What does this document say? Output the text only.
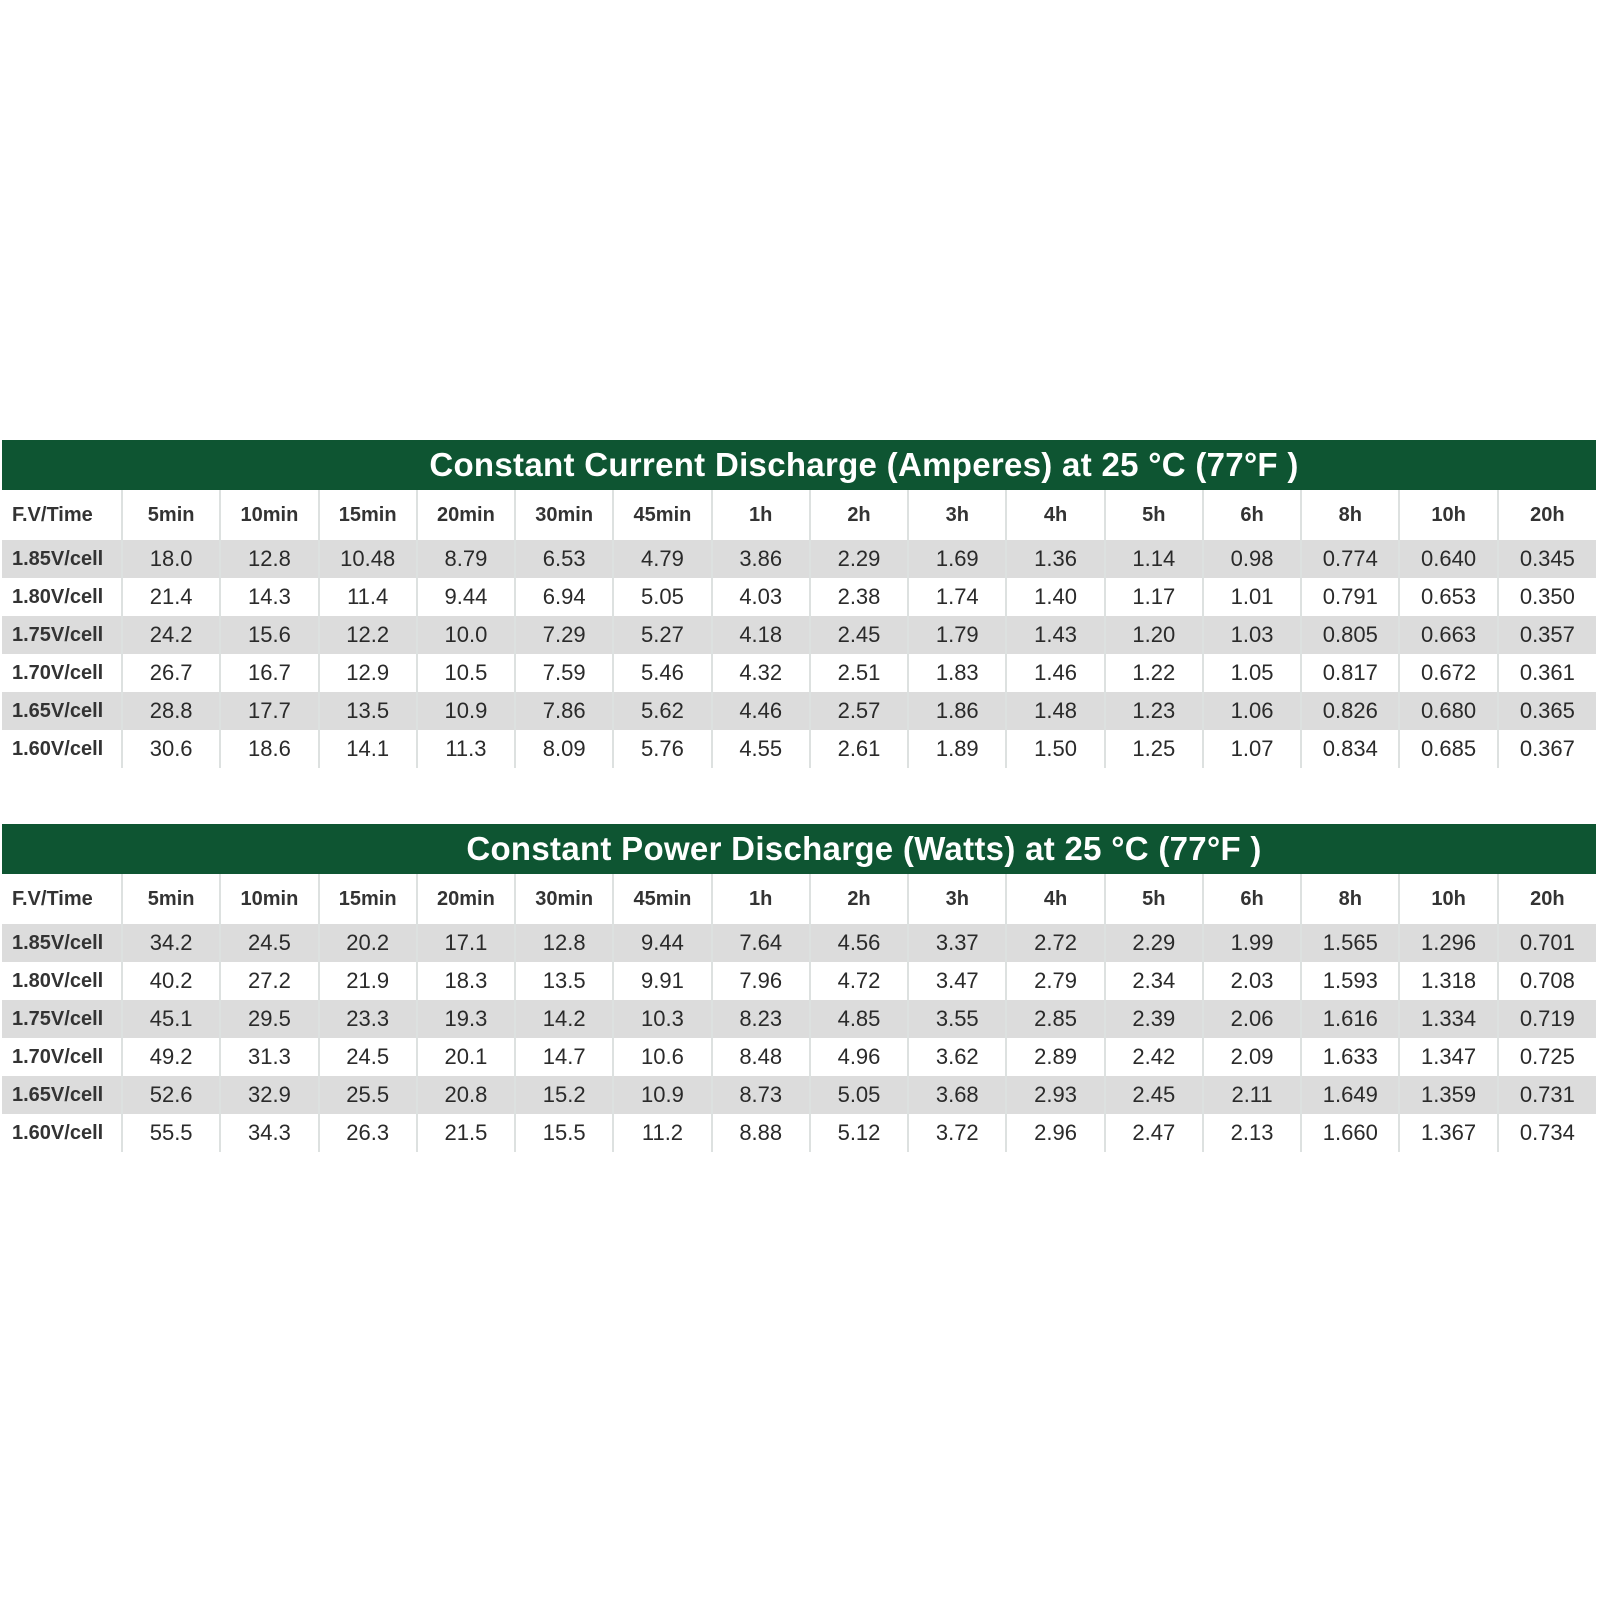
Constant Current Discharge (Amperes) at 25 °C (77°F )
F.V/Time	5min	10min	15min	20min	30min	45min	1h	2h	3h	4h	5h	6h	8h	10h	20h
1.85V/cell	18.0	12.8	10.48	8.79	6.53	4.79	3.86	2.29	1.69	1.36	1.14	0.98	0.774	0.640	0.345
1.80V/cell	21.4	14.3	11.4	9.44	6.94	5.05	4.03	2.38	1.74	1.40	1.17	1.01	0.791	0.653	0.350
1.75V/cell	24.2	15.6	12.2	10.0	7.29	5.27	4.18	2.45	1.79	1.43	1.20	1.03	0.805	0.663	0.357
1.70V/cell	26.7	16.7	12.9	10.5	7.59	5.46	4.32	2.51	1.83	1.46	1.22	1.05	0.817	0.672	0.361
1.65V/cell	28.8	17.7	13.5	10.9	7.86	5.62	4.46	2.57	1.86	1.48	1.23	1.06	0.826	0.680	0.365
1.60V/cell	30.6	18.6	14.1	11.3	8.09	5.76	4.55	2.61	1.89	1.50	1.25	1.07	0.834	0.685	0.367
Constant Power Discharge (Watts) at 25 °C (77°F )
F.V/Time	5min	10min	15min	20min	30min	45min	1h	2h	3h	4h	5h	6h	8h	10h	20h
1.85V/cell	34.2	24.5	20.2	17.1	12.8	9.44	7.64	4.56	3.37	2.72	2.29	1.99	1.565	1.296	0.701
1.80V/cell	40.2	27.2	21.9	18.3	13.5	9.91	7.96	4.72	3.47	2.79	2.34	2.03	1.593	1.318	0.708
1.75V/cell	45.1	29.5	23.3	19.3	14.2	10.3	8.23	4.85	3.55	2.85	2.39	2.06	1.616	1.334	0.719
1.70V/cell	49.2	31.3	24.5	20.1	14.7	10.6	8.48	4.96	3.62	2.89	2.42	2.09	1.633	1.347	0.725
1.65V/cell	52.6	32.9	25.5	20.8	15.2	10.9	8.73	5.05	3.68	2.93	2.45	2.11	1.649	1.359	0.731
1.60V/cell	55.5	34.3	26.3	21.5	15.5	11.2	8.88	5.12	3.72	2.96	2.47	2.13	1.660	1.367	0.734
